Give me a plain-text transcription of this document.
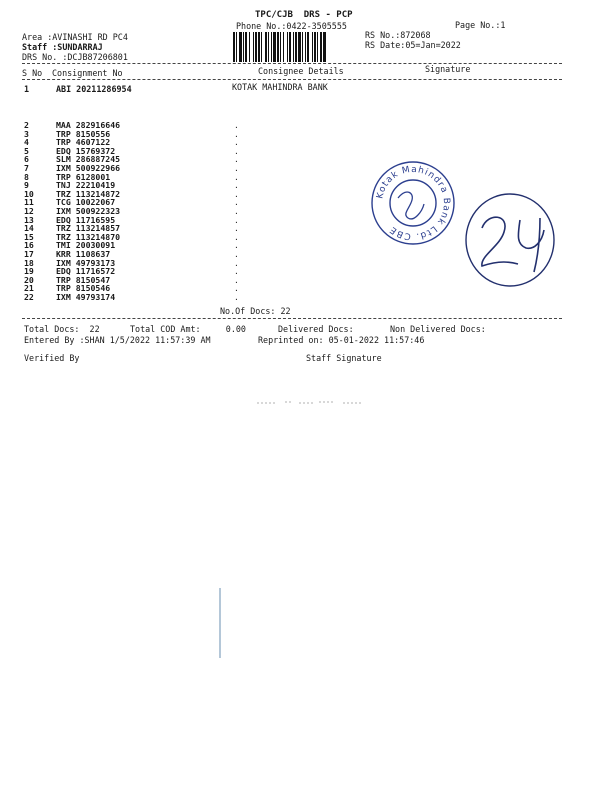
TPC/CJB  DRS - PCP
Phone No.:0422-3505555	Page No.:1
Area :AVINASHI RD PC4
Staff :SUNDARRAJ
DRS No. :DCJB87206801
RS No.:872068
RS Date:05=Jan=2022
S No Consignment No	Consignee Details	Signature
1	ABI 20211286954	KOTAK MAHINDRA BANK
2	MAA 282916646	.
3	TRP 8150556	.
4	TRP 4607122	.
5	EDQ 15769372	.
6	SLM 286887245	.
7	IXM 500922966	.
8	TRP 6128001	.
9	TNJ 22210419	.
10	TRZ 113214872	.
11	TCG 10022067	.
12	IXM 500922323	.
13	EDQ 11716595	.
14	TRZ 113214857	.
15	TRZ 113214870	.
16	TMI 20030091	.
17	KRR 1108637	.
18	IXM 49793173	.
19	EDQ 11716572	.
20	TRP 8150547	.
21	TRP 8150546	.
22	IXM 49793174	.
No.Of Docs: 22
Total Docs:  22	Total COD Amt:     0.00	Delivered Docs:	Non Delivered Docs:
Entered By :SHAN 1/5/2022 11:57:39 AM	Reprinted on: 05-01-2022 11:57:46
Verified By	Staff Signature
Kotak Mahindra Bank Ltd. CBE
